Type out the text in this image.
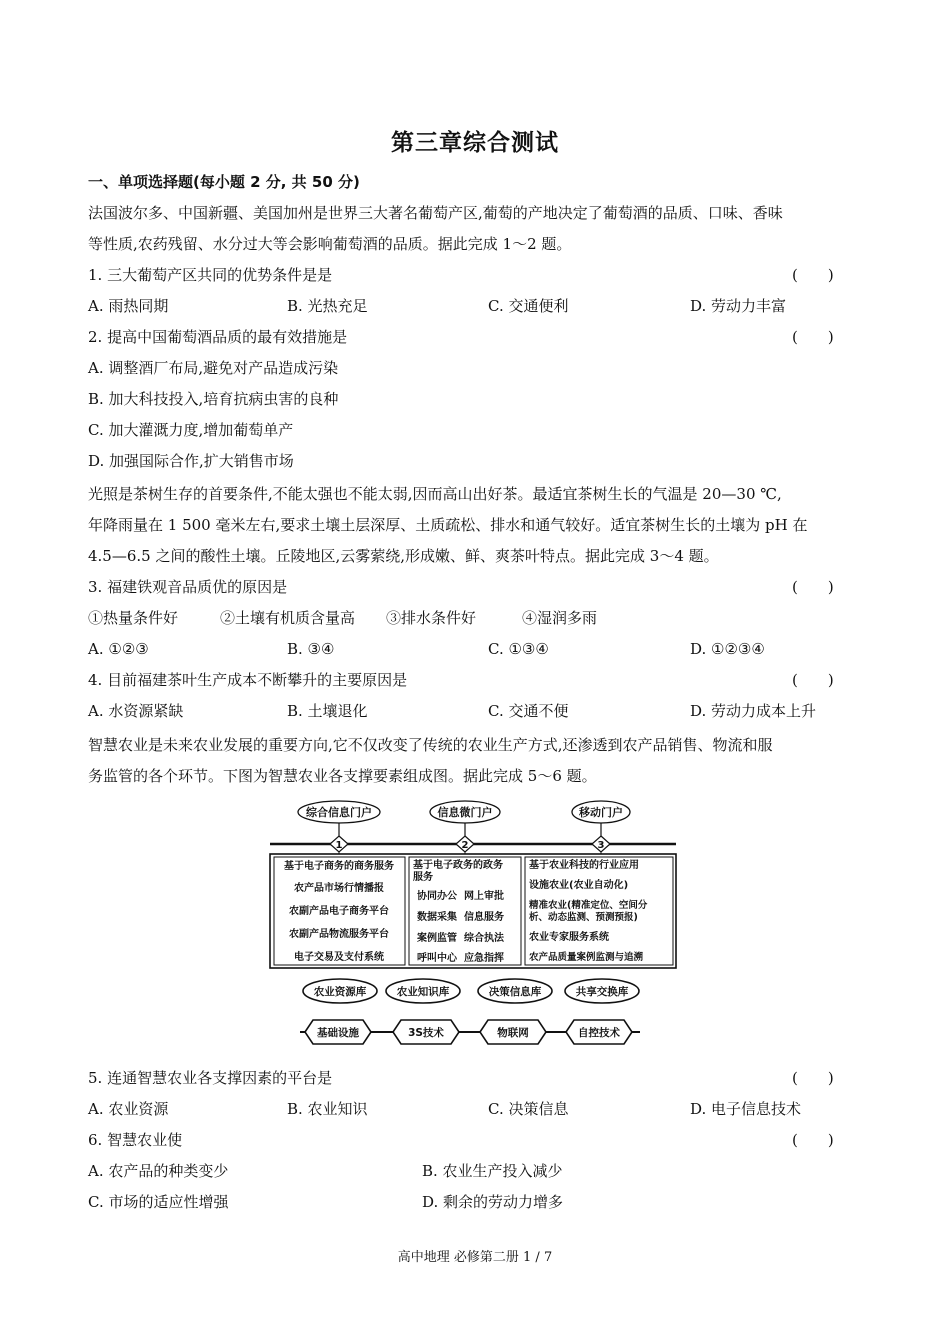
第三章综合测试
一、单项选择题(每小题 2 分, 共 50 分)
法国波尔多、中国新疆、美国加州是世界三大著名葡萄产区,葡萄的产地决定了葡萄酒的品质、口味、香味
等性质,农药残留、水分过大等会影响葡萄酒的品质。据此完成 1～2 题。
1. 三大葡萄产区共同的优势条件是是	(　　)
A. 雨热同期	B. 光热充足	C. 交通便利	D. 劳动力丰富
2. 提高中国葡萄酒品质的最有效措施是	(　　)
A. 调整酒厂布局,避免对产品造成污染
B. 加大科技投入,培育抗病虫害的良种
C. 加大灌溉力度,增加葡萄单产
D. 加强国际合作,扩大销售市场
光照是茶树生存的首要条件,不能太强也不能太弱,因而高山出好茶。最适宜茶树生长的气温是 20—30 ℃,
年降雨量在 1 500 毫米左右,要求土壤土层深厚、土质疏松、排水和通气较好。适宜茶树生长的土壤为 pH 在
4.5—6.5 之间的酸性土壤。丘陵地区,云雾萦绕,形成嫩、鲜、爽茶叶特点。据此完成 3～4 题。
3. 福建铁观音品质优的原因是	(　　)
①热量条件好	②土壤有机质含量高 ③排水条件好	④湿润多雨
A. ①②③	B. ③④	C. ①③④	D. ①②③④
4. 目前福建茶叶生产成本不断攀升的主要原因是	(　　)
A. 水资源紧缺	B. 土壤退化	C. 交通不便	D. 劳动力成本上升
智慧农业是未来农业发展的重要方向,它不仅改变了传统的农业生产方式,还渗透到农产品销售、物流和服
务监管的各个环节。下图为智慧农业各支撑要素组成图。据此完成 5～6 题。
综合信息门户	信息微门户	移动门户
1	2	3
基于电子商务的商务服务
农产品市场行情播报
农副产品电子商务平台
农副产品物流服务平台
电子交易及支付系统
基于电子政务的政务
服务
协同办公  网上审批
数据采集  信息服务
案例监管  综合执法
呼叫中心  应急指挥
基于农业科技的行业应用
设施农业(农业自动化)
精准农业(精准定位、空间分
析、动态监测、预测预报)
农业专家服务系统
农产品质量案例监测与追溯
农业资源库	农业知识库	决策信息库	共享交换库
基础设施	3S技术	物联网	自控技术
5. 连通智慧农业各支撑因素的平台是	(　　)
A. 农业资源	B. 农业知识	C. 决策信息	D. 电子信息技术
6. 智慧农业使	(　　)
A. 农产品的种类变少	B. 农业生产投入减少
C. 市场的适应性增强	D. 剩余的劳动力增多
高中地理 必修第二册 1 / 7
